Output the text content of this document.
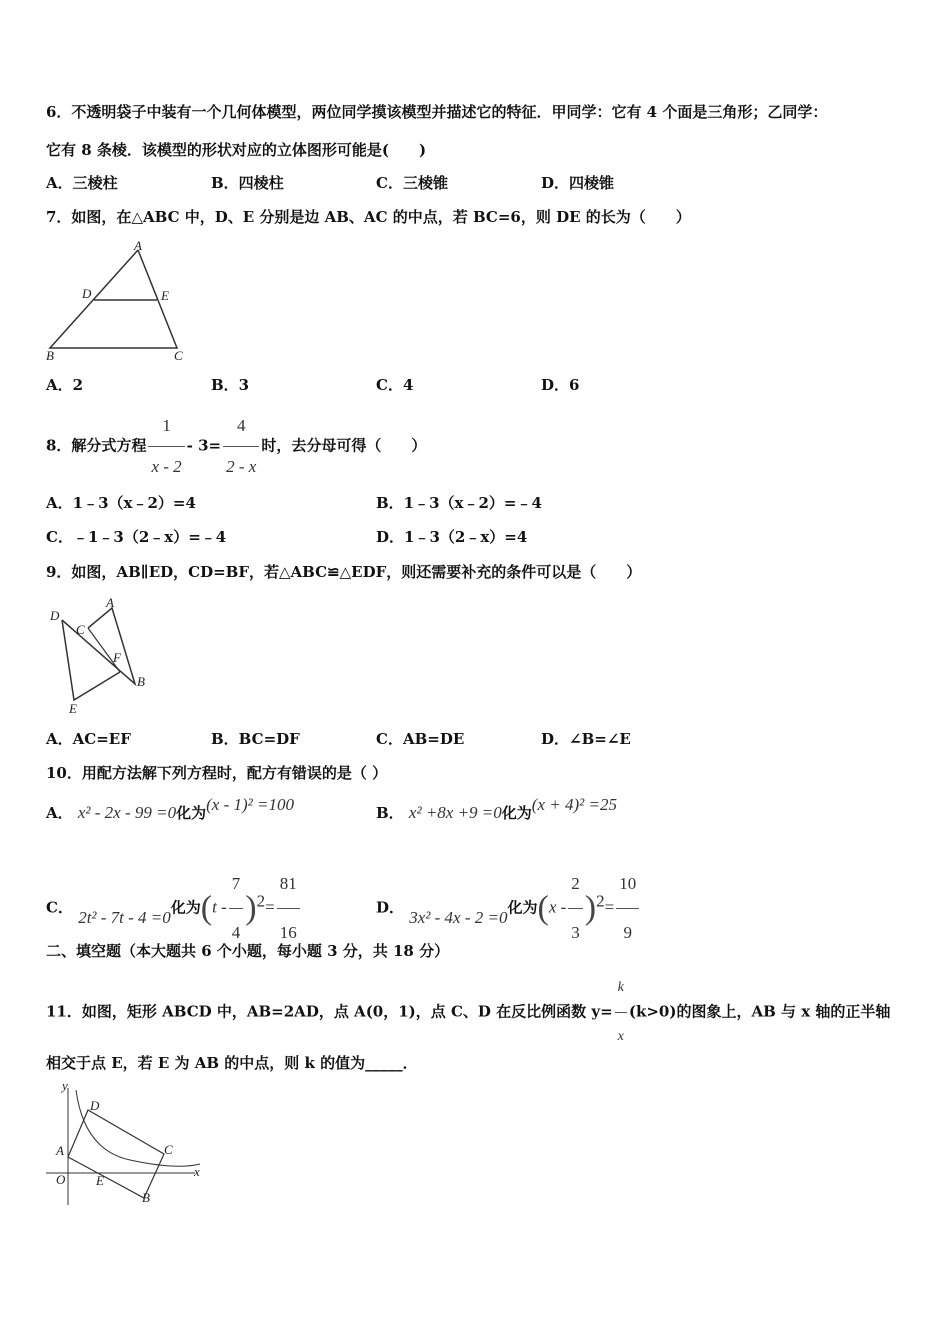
6．不透明袋子中装有一个几何体模型，两位同学摸该模型并描述它的特征．甲同学：它有 4 个面是三角形；乙同学：
它有 8 条棱．该模型的形状对应的立体图形可能是(　　)
A．三棱柱	B．四棱柱	C．三棱锥	D．四棱锥
7．如图，在△ABC 中，D、E 分别是边 AB、AC 的中点，若 BC=6，则 DE 的长为（　　）
A
D	E
B	C
A．2	B．3	C．4	D．6
8．解分式方程 $\frac{1}{x - 2} - 3= \frac{4}{2 - x}$ 时，去分母可得（　　）
A．1﹣3（x﹣2）=4	B．1﹣3（x﹣2）=﹣4
C．﹣1﹣3（2﹣x）=﹣4	D．1﹣3（2﹣x）=4
9．如图，AB∥ED，CD=BF，若△ABC≌△EDF，则还需要补充的条件可以是（　　）
D
A
C
F
B
E
A．AC=EF	B．BC=DF	C．AB=DE	D．∠B=∠E
10．用配方法解下列方程时，配方有错误的是（ ）
A． x² - 2x - 99 =0化为(x - 1)² =100	B． x² +8x +9 =0化为(x + 4)² =25
C． 2t² - 7t - 4 =0化为$(t - \frac{7}{4} )^2= \frac{81}{16}$	D． 3x² - 4x - 2 =0化为$(x - \frac{2}{3} )^2= \frac{10}{9}$
二、填空题（本大题共 6 个小题，每小题 3 分，共 18 分）
11．如图，矩形 ABCD 中，AB=2AD，点 A(0，1)，点 C、D 在反比例函数 $y= \frac{k}{x} (k>0)$的图象上，AB 与 x 轴的正半轴
相交于点 E，若 E 为 AB 的中点，则 k 的值为_____．
y
D
A	C
O E
B
x
